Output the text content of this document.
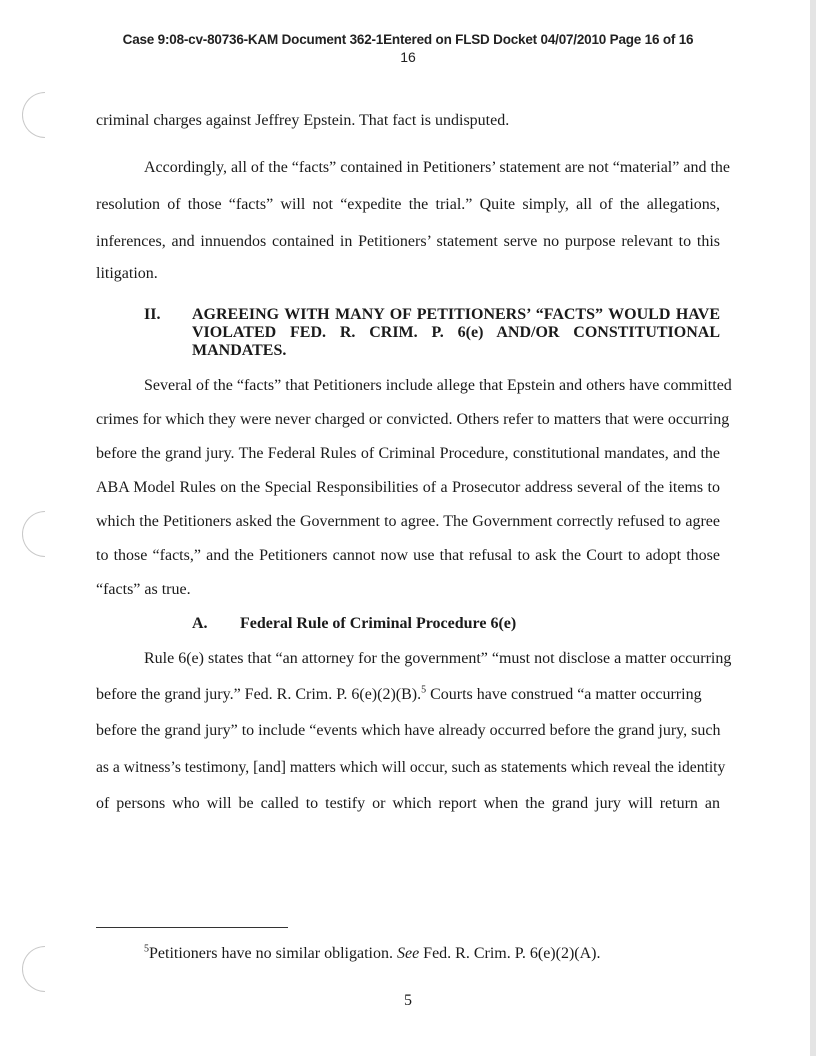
Case 9:08-cv-80736-KAM Document 362-1Entered on FLSD Docket 04/07/2010 Page 16 of 16
16

criminal charges against Jeffrey Epstein. That fact is undisputed.

Accordingly, all of the “facts” contained in Petitioners’ statement are not “material” and the

resolution of those “facts” will not “expedite the trial.” Quite simply, all of the allegations,

inferences, and innuendos contained in Petitioners’ statement serve no purpose relevant to this

litigation.

II. AGREEING WITH MANY OF PETITIONERS’ “FACTS” WOULD HAVE VIOLATED FED. R. CRIM. P. 6(e) AND/OR CONSTITUTIONAL MANDATES.

Several of the “facts” that Petitioners include allege that Epstein and others have committed

crimes for which they were never charged or convicted. Others refer to matters that were occurring

before the grand jury. The Federal Rules of Criminal Procedure, constitutional mandates, and the

ABA Model Rules on the Special Responsibilities of a Prosecutor address several of the items to

which the Petitioners asked the Government to agree. The Government correctly refused to agree

to those “facts,” and the Petitioners cannot now use that refusal to ask the Court to adopt those

“facts” as true.

A. Federal Rule of Criminal Procedure 6(e)

Rule 6(e) states that “an attorney for the government” “must not disclose a matter occurring

before the grand jury.” Fed. R. Crim. P. 6(e)(2)(B).$^5$ Courts have construed “a matter occurring

before the grand jury” to include “events which have already occurred before the grand jury, such

as a witness’s testimony, [and] matters which will occur, such as statements which reveal the identity

of persons who will be called to testify or which report when the grand jury will return an

$^5$Petitioners have no similar obligation. See Fed. R. Crim. P. 6(e)(2)(A).
5
